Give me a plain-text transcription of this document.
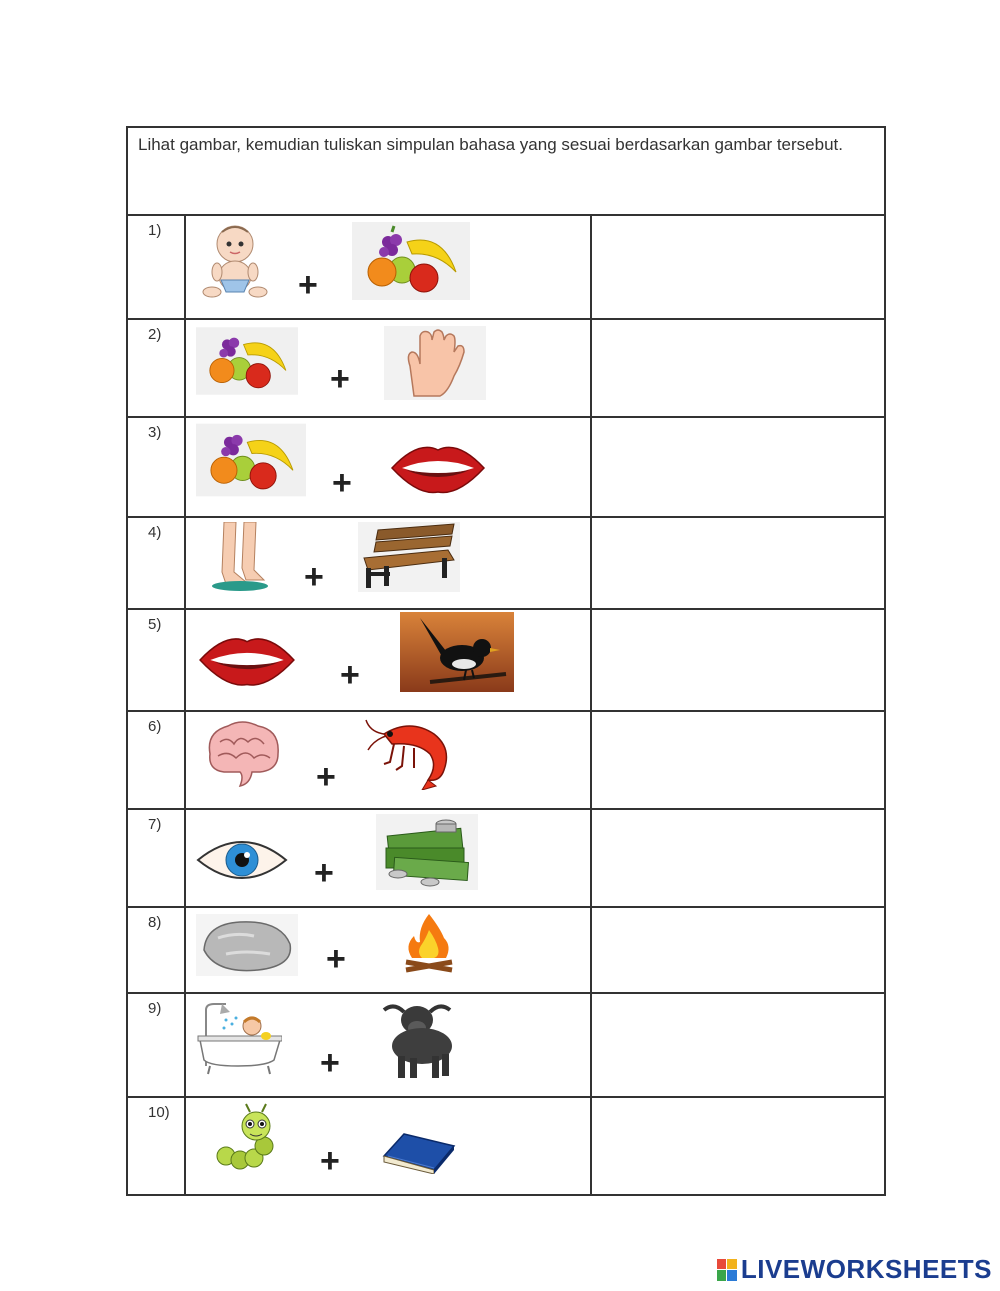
Lihat gambar, kemudian tuliskan simpulan bahasa yang sesuai berdasarkan gambar tersebut.
1)
+
2)
+
3)
+
4)
+
5)
+
6)
+
7)
+
8)
+
9)
+
10)
+
LIVEWORKSHEETS
